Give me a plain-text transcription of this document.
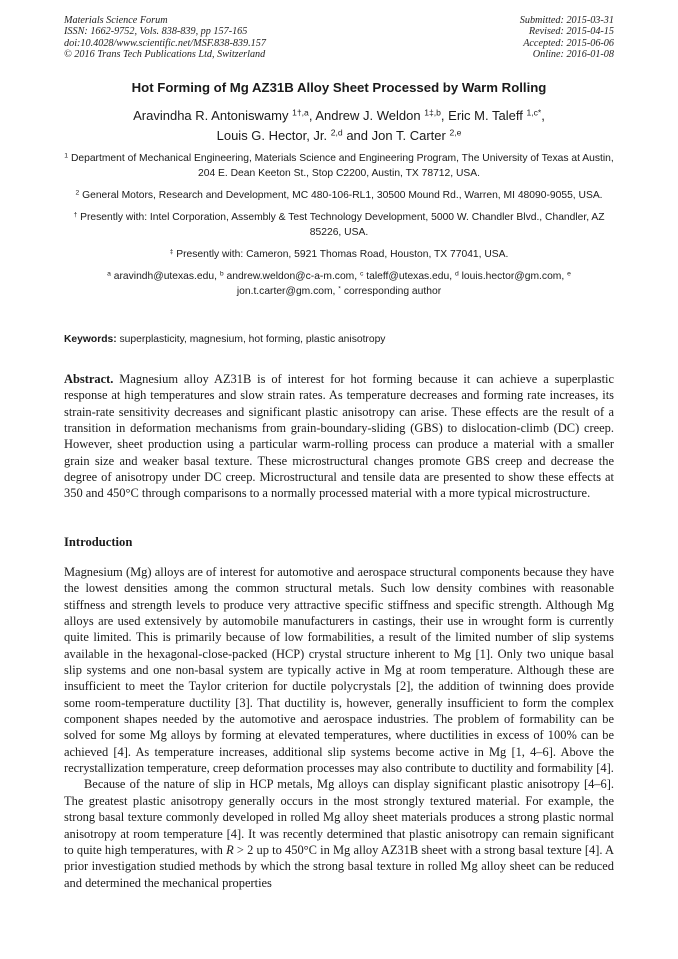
Materials Science Forum
ISSN: 1662-9752, Vols. 838-839, pp 157-165
doi:10.4028/www.scientific.net/MSF.838-839.157
© 2016 Trans Tech Publications Ltd, Switzerland
Submitted: 2015-03-31
Revised: 2015-04-15
Accepted: 2015-06-06
Online: 2016-01-08
Hot Forming of Mg AZ31B Alloy Sheet Processed by Warm Rolling
Aravindha R. Antoniswamy $^{1\dagger,a}$, Andrew J. Weldon $^{1\ddagger,b}$, Eric M. Taleff $^{1,c*}$,
Louis G. Hector, Jr. $^{2,d}$ and Jon T. Carter $^{2,e}$
$^1$ Department of Mechanical Engineering, Materials Science and Engineering Program, The University of Texas at Austin, 204 E. Dean Keeton St., Stop C2200, Austin, TX 78712, USA.
$^2$ General Motors, Research and Development, MC 480-106-RL1, 30500 Mound Rd., Warren, MI 48090-9055, USA.
† Presently with: Intel Corporation, Assembly & Test Technology Development, 5000 W. Chandler Blvd., Chandler, AZ 85226, USA.
‡ Presently with: Cameron, 5921 Thomas Road, Houston, TX 77041, USA.
$^a$ aravindh@utexas.edu, $^b$ andrew.weldon@c-a-m.com, $^c$ taleff@utexas.edu, $^d$ louis.hector@gm.com, $^e$ jon.t.carter@gm.com, * corresponding author
Keywords: superplasticity, magnesium, hot forming, plastic anisotropy
Abstract. Magnesium alloy AZ31B is of interest for hot forming because it can achieve a superplastic response at high temperatures and slow strain rates. As temperature decreases and forming rate increases, its strain-rate sensitivity decreases and significant plastic anisotropy can arise. These effects are the result of a transition in deformation mechanisms from grain-boundary-sliding (GBS) to dislocation-climb (DC) creep. However, sheet production using a particular warm-rolling process can produce a material with a smaller grain size and weaker basal texture. These microstructural changes promote GBS creep and decrease the degree of anisotropy under DC creep. Microstructural and tensile data are presented to show these effects at 350 and 450°C through comparisons to a normally processed material with a more typical microstructure.
Introduction

Magnesium (Mg) alloys are of interest for automotive and aerospace structural components because they have the lowest densities among the common structural metals. Such low density combines with reasonable stiffness and strength levels to produce very attractive specific stiffness and specific strength. Although Mg alloys are used extensively by automobile manufacturers in castings, their use in wrought form is currently quite limited. This is primarily because of low formabilities, a result of the limited number of slip systems available in the hexagonal-close-packed (HCP) crystal structure inherent to Mg [1]. Only two unique basal slip systems and one non-basal system are typically active in Mg at room temperature. Although these are insufficient to meet the Taylor criterion for ductile polycrystals [2], the addition of twinning does provide some room-temperature ductility [3]. That ductility is, however, generally insufficient to form the complex component shapes needed by the automotive and aerospace industries. The problem of formability can be solved for some Mg alloys by forming at elevated temperatures, where ductilities in excess of 100% can be achieved [4]. As temperature increases, additional slip systems become active in Mg [1, 4–6]. Above the recrystallization temperature, creep deformation processes may also contribute to ductility and formability [4].

Because of the nature of slip in HCP metals, Mg alloys can display significant plastic anisotropy [4–6]. The greatest plastic anisotropy generally occurs in the most strongly textured material. For example, the strong basal texture commonly developed in rolled Mg alloy sheet materials produces a strong plastic normal anisotropy at room temperature [4]. It was recently determined that plastic anisotropy can remain significant to quite high temperatures, with R > 2 up to 450°C in Mg alloy AZ31B sheet with a strong basal texture [4]. A prior investigation studied methods by which the strong basal texture in rolled Mg alloy sheet can be reduced and determined the mechanical properties
